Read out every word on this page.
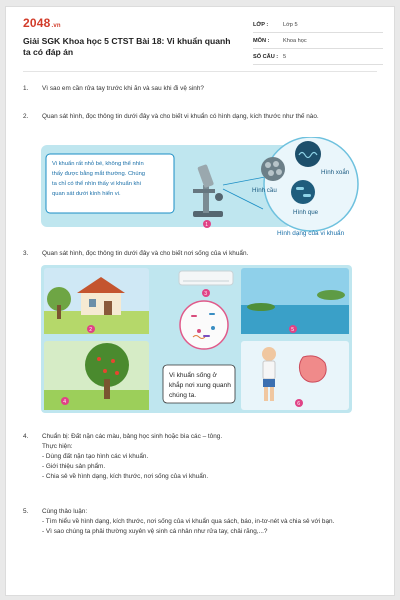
2048.vn
Giải SGK Khoa học 5 CTST Bài 18: Vi khuẩn quanh ta có đáp án
LỚP :	Lớp 5
MÔN :	Khoa học
SỐ CÂU : 5
1. Vì sao em cần rửa tay trước khi ăn và sau khi đi vệ sinh?
2. Quan sát hình, đọc thông tin dưới đây và cho biết vi khuẩn có hình dạng, kích thước như thế nào.
Vi khuẩn rất nhỏ bé, không thể nhìn
thấy được bằng mắt thường. Chúng
ta chỉ có thể nhìn thấy vi khuẩn khi
quan sát dưới kính hiển vi.
1
Hình xoắn
Hình cầu
Hình que
Hình dạng của vi khuẩn
3. Quan sát hình, đọc thông tin dưới đây và cho biết nơi sống của vi khuẩn.
Vi khuẩn sống ở
khắp nơi xung quanh
chúng ta.
2
3
4
5
6
4. Chuẩn bị: Đất nặn các màu, bảng học sinh hoặc bìa các – tông.
Thực hiện:
- Dùng đất nặn tạo hình các vi khuẩn.
- Giới thiệu sản phẩm.
- Chia sẻ về hình dạng, kích thước, nơi sống của vi khuẩn.
5. Cùng thảo luận:
- Tìm hiểu về hình dạng, kích thước, nơi sống của vi khuẩn qua sách, báo, in-tơ-nét và chia sẻ với bạn.
- Vì sao chúng ta phải thường xuyên vệ sinh cá nhân như rửa tay, chải răng,...?
